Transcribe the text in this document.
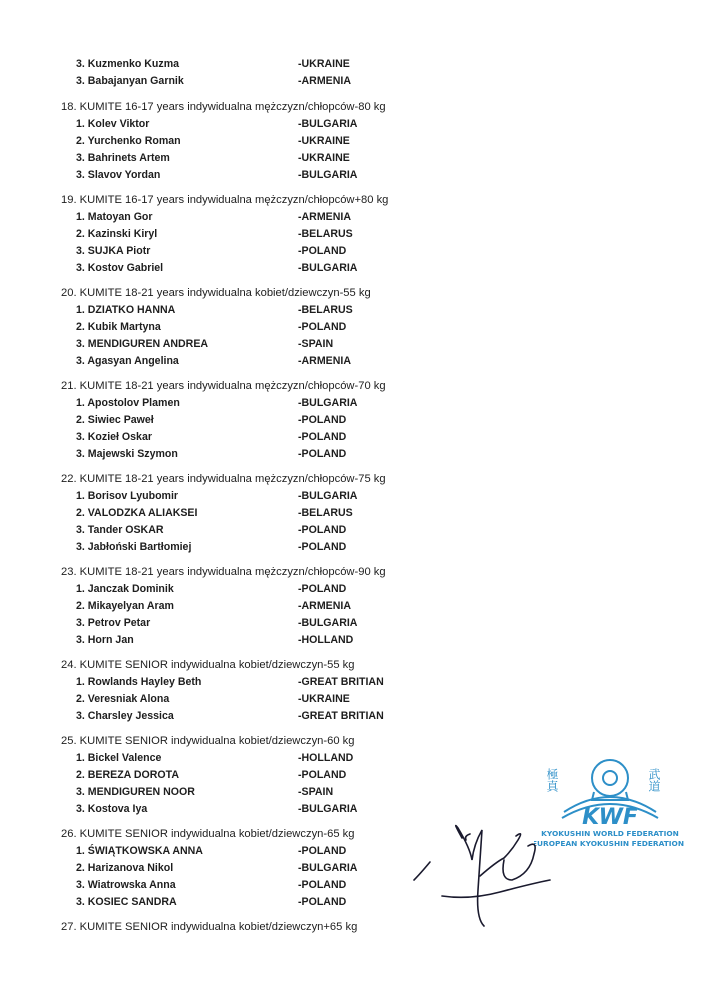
3. Kuzmenko Kuzma	-UKRAINE
3. Babajanyan Garnik	-ARMENIA
18. KUMITE 16-17 years indywidualna mężczyzn/chłopców-80 kg
1. Kolev Viktor	-BULGARIA
2. Yurchenko Roman	-UKRAINE
3. Bahrinets Artem	-UKRAINE
3. Slavov Yordan	-BULGARIA
19. KUMITE 16-17 years indywidualna mężczyzn/chłopców+80 kg
1. Matoyan Gor	-ARMENIA
2. Kazinski Kiryl	-BELARUS
3. SUJKA Piotr	-POLAND
3. Kostov Gabriel	-BULGARIA
20. KUMITE 18-21 years indywidualna kobiet/dziewczyn-55 kg
1. DZIATKO HANNA	-BELARUS
2. Kubik Martyna	-POLAND
3. MENDIGUREN ANDREA	-SPAIN
3. Agasyan Angelina	-ARMENIA
21. KUMITE 18-21 years indywidualna mężczyzn/chłopców-70 kg
1. Apostolov Plamen	-BULGARIA
2. Siwiec Paweł	-POLAND
3. Kozieł Oskar	-POLAND
3. Majewski Szymon	-POLAND
22. KUMITE 18-21 years indywidualna mężczyzn/chłopców-75 kg
1. Borisov Lyubomir	-BULGARIA
2. VALODZKA ALIAKSEI	-BELARUS
3. Tander OSKAR	-POLAND
3. Jabłoński Bartłomiej	-POLAND
23. KUMITE 18-21 years indywidualna mężczyzn/chłopców-90 kg
1. Janczak Dominik	-POLAND
2. Mikayelyan Aram	-ARMENIA
3. Petrov Petar	-BULGARIA
3. Horn Jan	-HOLLAND
24. KUMITE SENIOR indywidualna kobiet/dziewczyn-55 kg
1. Rowlands Hayley Beth	-GREAT BRITIAN
2. Veresniak Alona	-UKRAINE
3. Charsley Jessica	-GREAT BRITIAN
25. KUMITE SENIOR indywidualna kobiet/dziewczyn-60 kg
1. Bickel Valence	-HOLLAND
2. BEREZA DOROTA	-POLAND
3. MENDIGUREN NOOR	-SPAIN
3. Kostova Iya	-BULGARIA
26. KUMITE SENIOR indywidualna kobiet/dziewczyn-65 kg
1. ŚWIĄTKOWSKA ANNA	-POLAND
2. Harizanova Nikol	-BULGARIA
3. Wiatrowska Anna	-POLAND
3. KOSIEC SANDRA	-POLAND
27. KUMITE SENIOR indywidualna kobiet/dziewczyn+65 kg
極真	武道
KWF
KYOKUSHIN WORLD FEDERATION
EUROPEAN KYOKUSHIN FEDERATION
